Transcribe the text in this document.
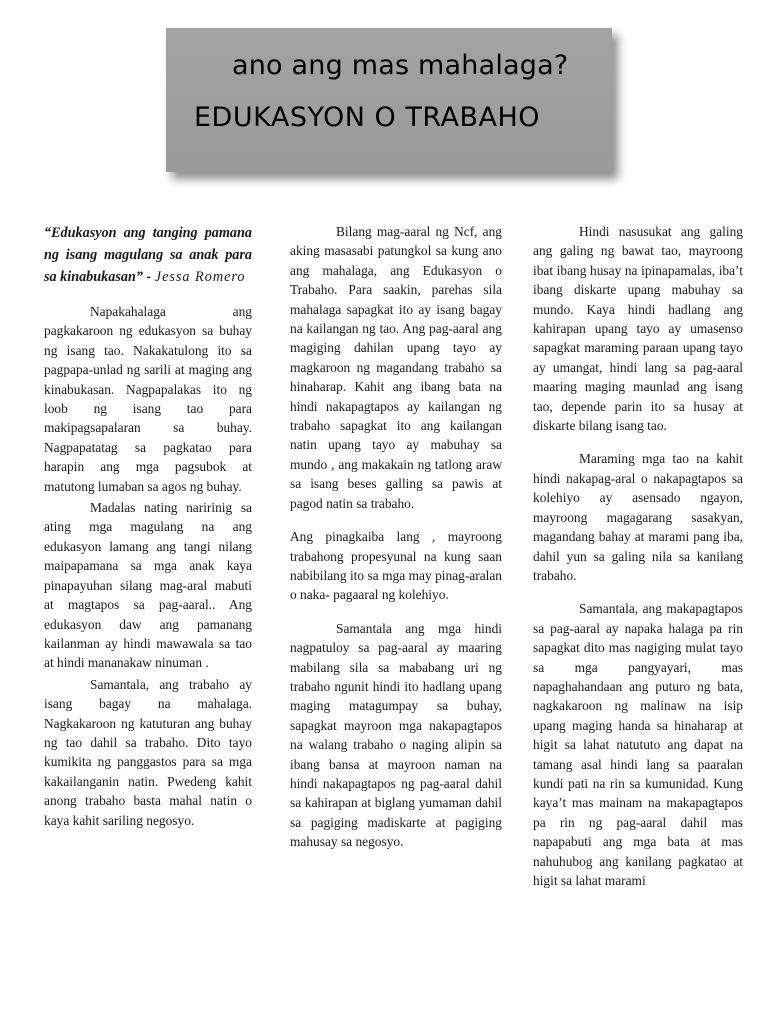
ano ang mas mahalaga?
EDUKASYON O TRABAHO

“Edukasyon ang tanging pamana ng isang magulang sa anak para sa kinabukasan” - Jessa Romero

Napakahalaga ang pagkakaroon ng edukasyon sa buhay ng isang tao. Nakakatulong ito sa pagpapa-unlad ng sarili at maging ang kinabukasan. Nagpapalakas ito ng loob ng isang tao para makipagsapalaran sa buhay. Nagpapatatag sa pagkatao para harapin ang mga pagsubok at matutong lumaban sa agos ng buhay.

Madalas nating naririnig sa ating mga magulang na ang edukasyon lamang ang tangi nilang maipapamana sa mga anak kaya pinapayuhan silang mag-aral mabuti at magtapos sa pag-aaral.. Ang edukasyon daw ang pamanang kailanman ay hindi mawawala sa tao at hindi mananakaw ninuman .

Samantala, ang trabaho ay isang bagay na mahalaga. Nagkakaroon ng katuturan ang buhay ng tao dahil sa trabaho. Dito tayo kumikita ng panggastos para sa mga kakailanganin natin. Pwedeng kahit anong trabaho basta mahal natin o kaya kahit sariling negosyo.

Bilang mag-aaral ng Ncf, ang aking masasabi patungkol sa kung ano ang mahalaga, ang Edukasyon o Trabaho. Para saakin, parehas sila mahalaga sapagkat ito ay isang bagay na kailangan ng tao. Ang pag-aaral ang magiging dahilan upang tayo ay magkaroon ng magandang trabaho sa hinaharap. Kahit ang ibang bata na hindi nakapagtapos ay kailangan ng trabaho sapagkat ito ang kailangan natin upang tayo ay mabuhay sa mundo , ang makakain ng tatlong araw sa isang beses galling sa pawis at pagod natin sa trabaho.

Ang pinagkaiba lang , mayroong trabahong propesyunal na kung saan nabibilang ito sa mga may pinag-aralan o naka- pagaaral ng kolehiyo.

Samantala ang mga hindi nagpatuloy sa pag-aaral ay maaring mabilang sila sa mababang uri ng trabaho ngunit hindi ito hadlang upang maging matagumpay sa buhay, sapagkat mayroon mga nakapagtapos na walang trabaho o naging alipin sa ibang bansa at mayroon naman na hindi nakapagtapos ng pag-aaral dahil sa kahirapan at biglang yumaman dahil sa pagiging madiskarte at pagiging mahusay sa negosyo.

Hindi nasusukat ang galing ang galing ng bawat tao, mayroong ibat ibang husay na ipinapamalas, iba’t ibang diskarte upang mabuhay sa mundo. Kaya hindi hadlang ang kahirapan upang tayo ay umasenso sapagkat maraming paraan upang tayo ay umangat, hindi lang sa pag-aaral maaring maging maunlad ang isang tao, depende parin ito sa husay at diskarte bilang isang tao.

Maraming mga tao na kahit hindi nakapag-aral o nakapagtapos sa kolehiyo ay asensado ngayon, mayroong magagarang sasakyan, magandang bahay at marami pang iba, dahil yun sa galing nila sa kanilang trabaho.

Samantala, ang makapagtapos sa pag-aaral ay napaka halaga pa rin sapagkat dito mas nagiging mulat tayo sa mga pangyayari, mas napaghahandaan ang puturo ng bata, nagkakaroon ng malinaw na isip upang maging handa sa hinaharap at higit sa lahat natututo ang dapat na tamang asal hindi lang sa paaralan kundi pati na rin sa kumunidad. Kung kaya’t mas mainam na makapagtapos pa rin ng pag-aaral dahil mas napapabuti ang mga bata at mas nahuhubog ang kanilang pagkatao at higit sa lahat marami
